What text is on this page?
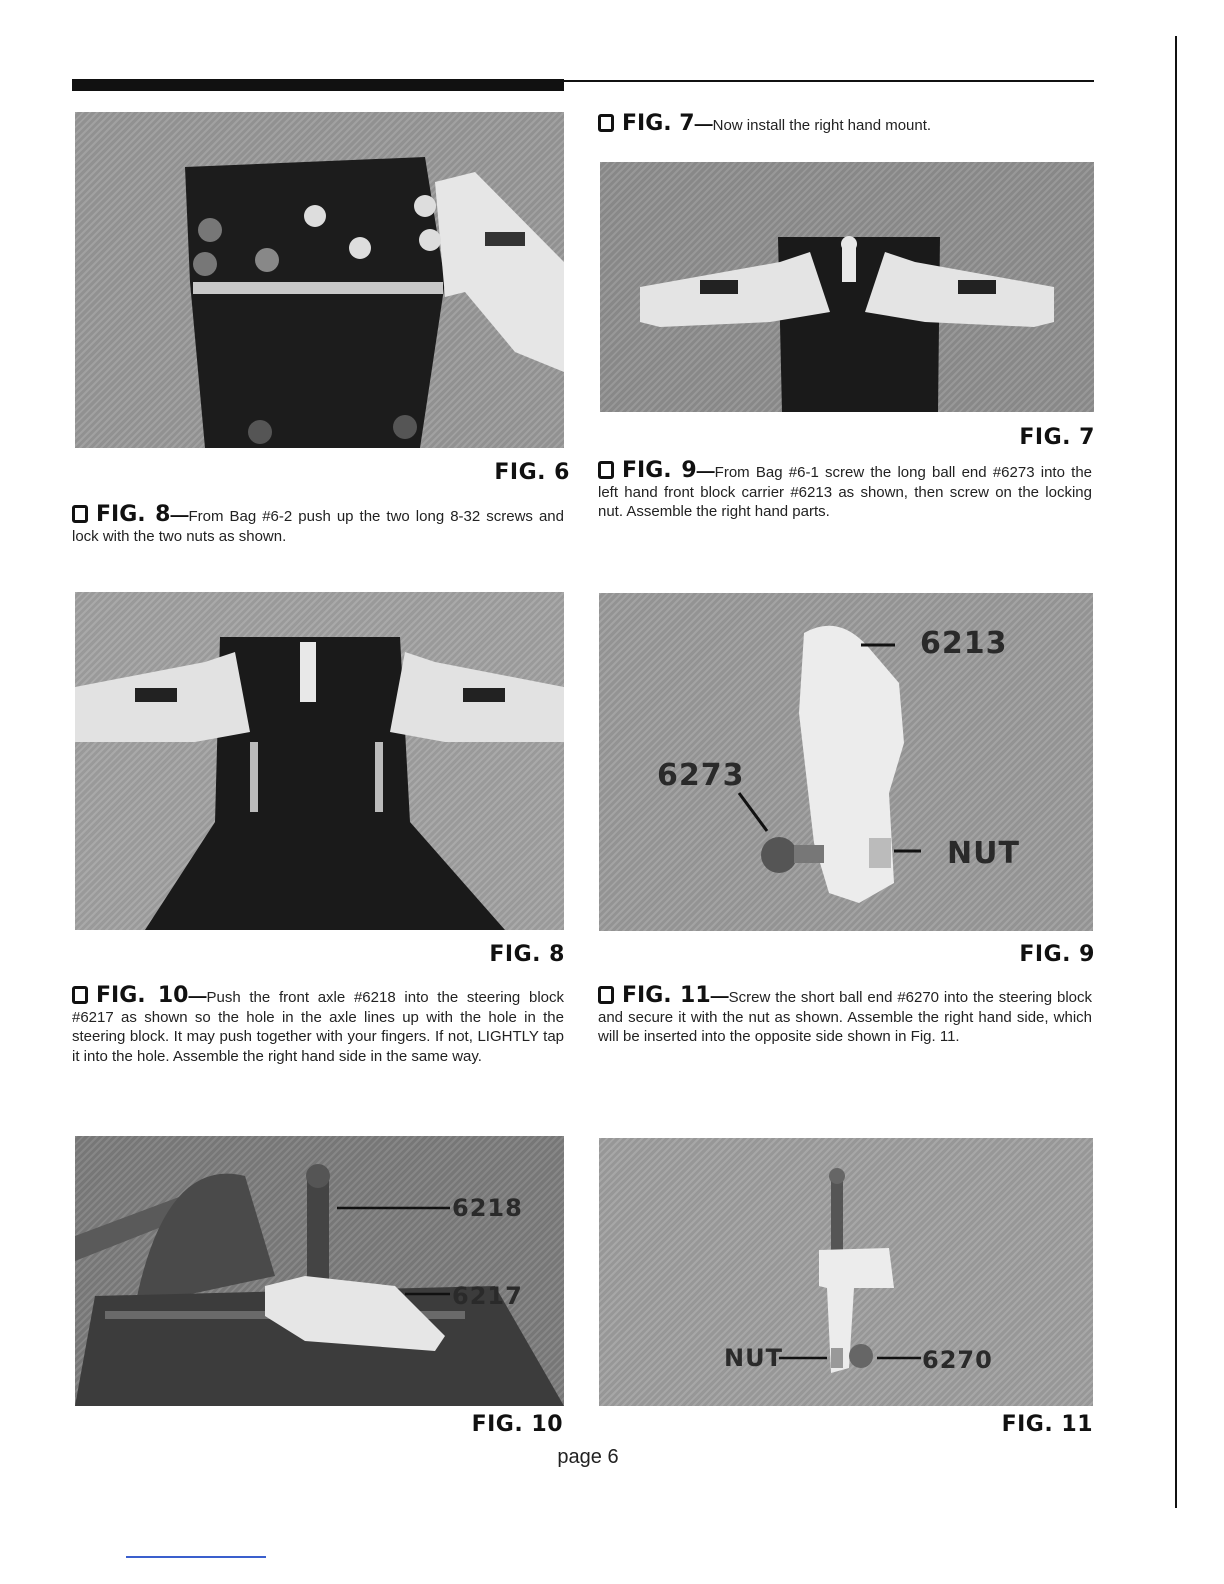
FIG. 6
FIG. 7—Now install the right hand mount.
FIG. 7
FIG. 8—From Bag #6-2 push up the two long 8-32 screws and lock with the two nuts as shown.
FIG. 9—From Bag #6-1 screw the long ball end #6273 into the left hand front block carrier #6213 as shown, then screw on the locking nut. Assemble the right hand parts.
FIG. 8
6213
6273
NUT
FIG. 9
FIG. 10—Push the front axle #6218 into the steering block #6217 as shown so the hole in the axle lines up with the hole in the steering block. It may push together with your fingers. If not, LIGHTLY tap it into the hole. Assemble the right hand side in the same way.
FIG. 11—Screw the short ball end #6270 into the steering block and secure it with the nut as shown. Assemble the right hand side, which will be inserted into the opposite side shown in Fig. 11.
6218
6217
FIG. 10
NUT	6270
FIG. 11
page 6
